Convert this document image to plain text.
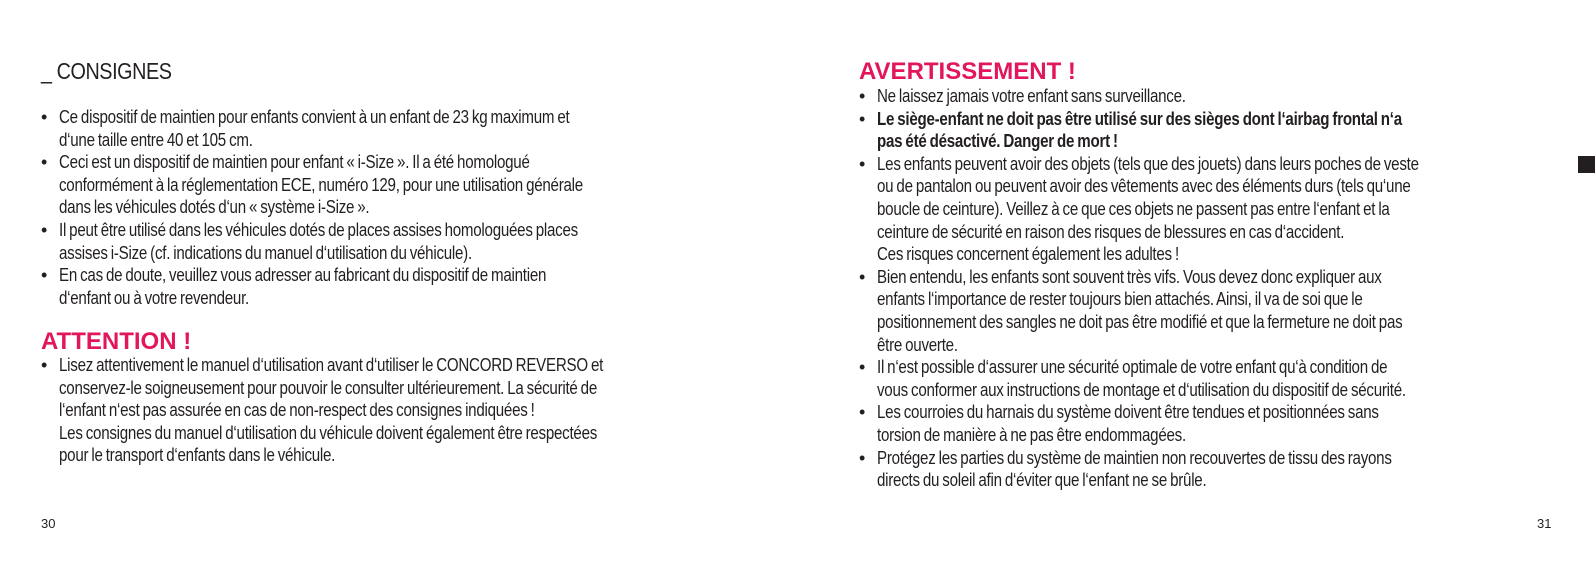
_ CONSIGNES
• Ce dispositif de maintien pour enfants convient à un enfant de 23 kg maximum et
d‘une taille entre 40 et 105 cm.
• Ceci est un dispositif de maintien pour enfant « i-Size ». Il a été homologué
conformément à la réglementation ECE, numéro 129, pour une utilisation générale
dans les véhicules dotés d‘un « système i-Size ».
• Il peut être utilisé dans les véhicules dotés de places assises homologuées places
assises i-Size (cf. indications du manuel d‘utilisation du véhicule).
• En cas de doute, veuillez vous adresser au fabricant du dispositif de maintien
d‘enfant ou à votre revendeur.
ATTENTION !
• Lisez attentivement le manuel d‘utilisation avant d‘utiliser le CONCORD REVERSO et
conservez-le soigneusement pour pouvoir le consulter ultérieurement. La sécurité de
l‘enfant n‘est pas assurée en cas de non-respect des consignes indiquées !
Les consignes du manuel d‘utilisation du véhicule doivent également être respectées
pour le transport d‘enfants dans le véhicule.
AVERTISSEMENT !
• Ne laissez jamais votre enfant sans surveillance.
• Le siège-enfant ne doit pas être utilisé sur des sièges dont l‘airbag frontal n‘a
pas été désactivé. Danger de mort !
• Les enfants peuvent avoir des objets (tels que des jouets) dans leurs poches de veste
ou de pantalon ou peuvent avoir des vêtements avec des éléments durs (tels qu‘une
boucle de ceinture). Veillez à ce que ces objets ne passent pas entre l‘enfant et la
ceinture de sécurité en raison des risques de blessures en cas d‘accident.
Ces risques concernent également les adultes !
• Bien entendu, les enfants sont souvent très vifs. Vous devez donc expliquer aux
enfants l‘importance de rester toujours bien attachés. Ainsi, il va de soi que le
positionnement des sangles ne doit pas être modifié et que la fermeture ne doit pas
être ouverte.
• Il n‘est possible d‘assurer une sécurité optimale de votre enfant qu‘à condition de
vous conformer aux instructions de montage et d‘utilisation du dispositif de sécurité.
• Les courroies du harnais du système doivent être tendues et positionnées sans
torsion de manière à ne pas être endommagées.
• Protégez les parties du système de maintien non recouvertes de tissu des rayons
directs du soleil afin d‘éviter que l‘enfant ne se brûle.
30	31
